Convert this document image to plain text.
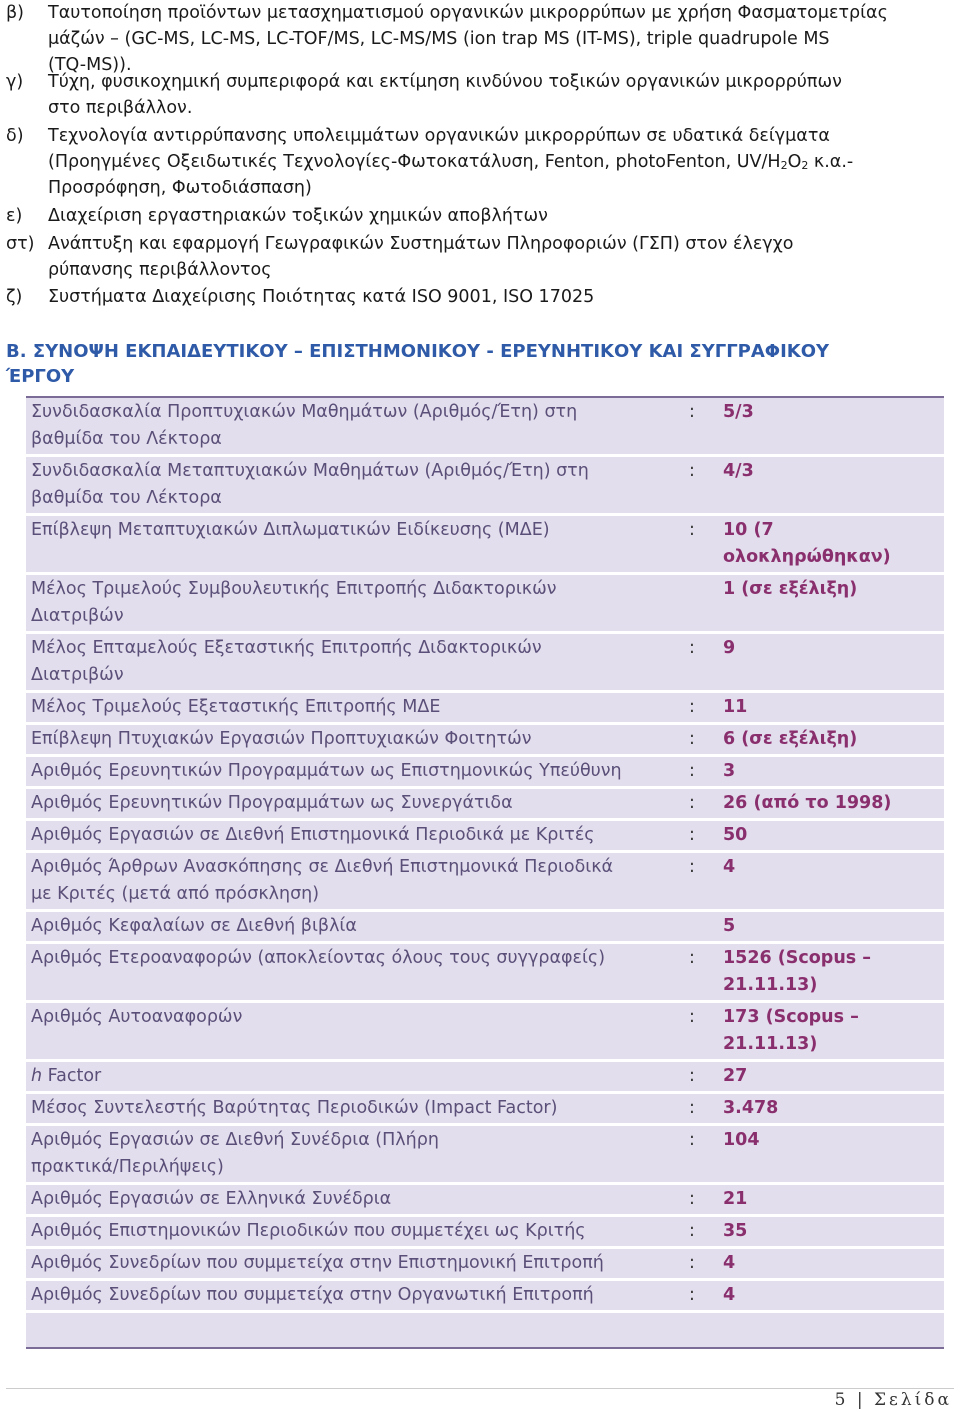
β)	Ταυτοποίηση προϊόντων μετασχηματισμού οργανικών μικρορρύπων με χρήση Φασματομετρίας
μάζών – (GC-MS, LC-MS, LC-TOF/MS, LC-MS/MS (ion trap MS (IT-MS), triple quadrupole MS
(TQ-MS)).
γ)	Τύχη, φυσικοχημική συμπεριφορά και εκτίμηση κινδύνου τοξικών οργανικών μικρορρύπων
στο περιβάλλον.
δ)	Τεχνολογία αντιρρύπανσης υπολειμμάτων οργανικών μικρορρύπων σε υδατικά δείγματα
(Προηγμένες Οξειδωτικές Τεχνολογίες-Φωτοκατάλυση, Fenton, photoFenton, $UV/H_2O_2$ κ.α.-
Προσρόφηση, Φωτοδιάσπαση)
ε)	Διαχείριση εργαστηριακών τοξικών χημικών αποβλήτων
στ) Ανάπτυξη και εφαρμογή Γεωγραφικών Συστημάτων Πληροφοριών (ΓΣΠ) στον έλεγχο
ρύπανσης περιβάλλοντος
ζ)	Συστήματα Διαχείρισης Ποιότητας κατά ISO 9001, ISO 17025
Β. ΣΥΝΟΨΗ ΕΚΠΑΙΔΕΥΤΙΚΟΥ – ΕΠΙΣΤΗΜΟΝΙΚΟΥ - ΕΡΕΥΝΗΤΙΚΟΥ ΚΑΙ ΣΥΓΓΡΑΦΙΚΟΥ
ΈΡΓΟΥ
Συνδιδασκαλία Προπτυχιακών Μαθημάτων (Αριθμός/Έτη) στη
βαθμίδα του Λέκτορα	:	5/3

Συνδιδασκαλία Μεταπτυχιακών Μαθημάτων (Αριθμός/Έτη) στη
βαθμίδα του Λέκτορα	:	4/3

Επίβλεψη Μεταπτυχιακών Διπλωματικών Ειδίκευσης (ΜΔΕ)	:	10 (7
ολοκληρώθηκαν)

Μέλος Τριμελούς Συμβουλευτικής Επιτροπής Διδακτορικών
Διατριβών		1 (σε εξέλιξη)

Μέλος Επταμελούς Εξεταστικής Επιτροπής Διδακτορικών
Διατριβών	:	9

Μέλος Τριμελούς Εξεταστικής Επιτροπής ΜΔΕ	:	11

Επίβλεψη Πτυχιακών Εργασιών Προπτυχιακών Φοιτητών	:	6 (σε εξέλιξη)

Αριθμός Ερευνητικών Προγραμμάτων ως Επιστημονικώς Υπεύθυνη	:	3

Αριθμός Ερευνητικών Προγραμμάτων ως Συνεργάτιδα	:	26 (από το 1998)

Αριθμός Εργασιών σε Διεθνή Επιστημονικά Περιοδικά με Κριτές	:	50

Αριθμός Άρθρων Ανασκόπησης σε Διεθνή Επιστημονικά Περιοδικά
με Κριτές (μετά από πρόσκληση)	:	4

Αριθμός Κεφαλαίων σε Διεθνή βιβλία		5

Αριθμός Ετεροαναφορών (αποκλείοντας όλους τους συγγραφείς)	:	1526 (Scopus –
21.11.13)

Αριθμός Αυτοαναφορών	:	173 (Scopus –
21.11.13)

h Factor	:	27

Μέσος Συντελεστής Βαρύτητας Περιοδικών (Impact Factor)	:	3.478

Αριθμός Εργασιών σε Διεθνή Συνέδρια (Πλήρη
πρακτικά/Περιλήψεις)	:	104

Αριθμός Εργασιών σε Ελληνικά Συνέδρια	:	21

Αριθμός Επιστημονικών Περιοδικών που συμμετέχει ως Κριτής	:	35

Αριθμός Συνεδρίων που συμμετείχα στην Επιστημονική Επιτροπή	:	4

Αριθμός Συνεδρίων που συμμετείχα στην Οργανωτική Επιτροπή	:	4

5 | Σελίδα
